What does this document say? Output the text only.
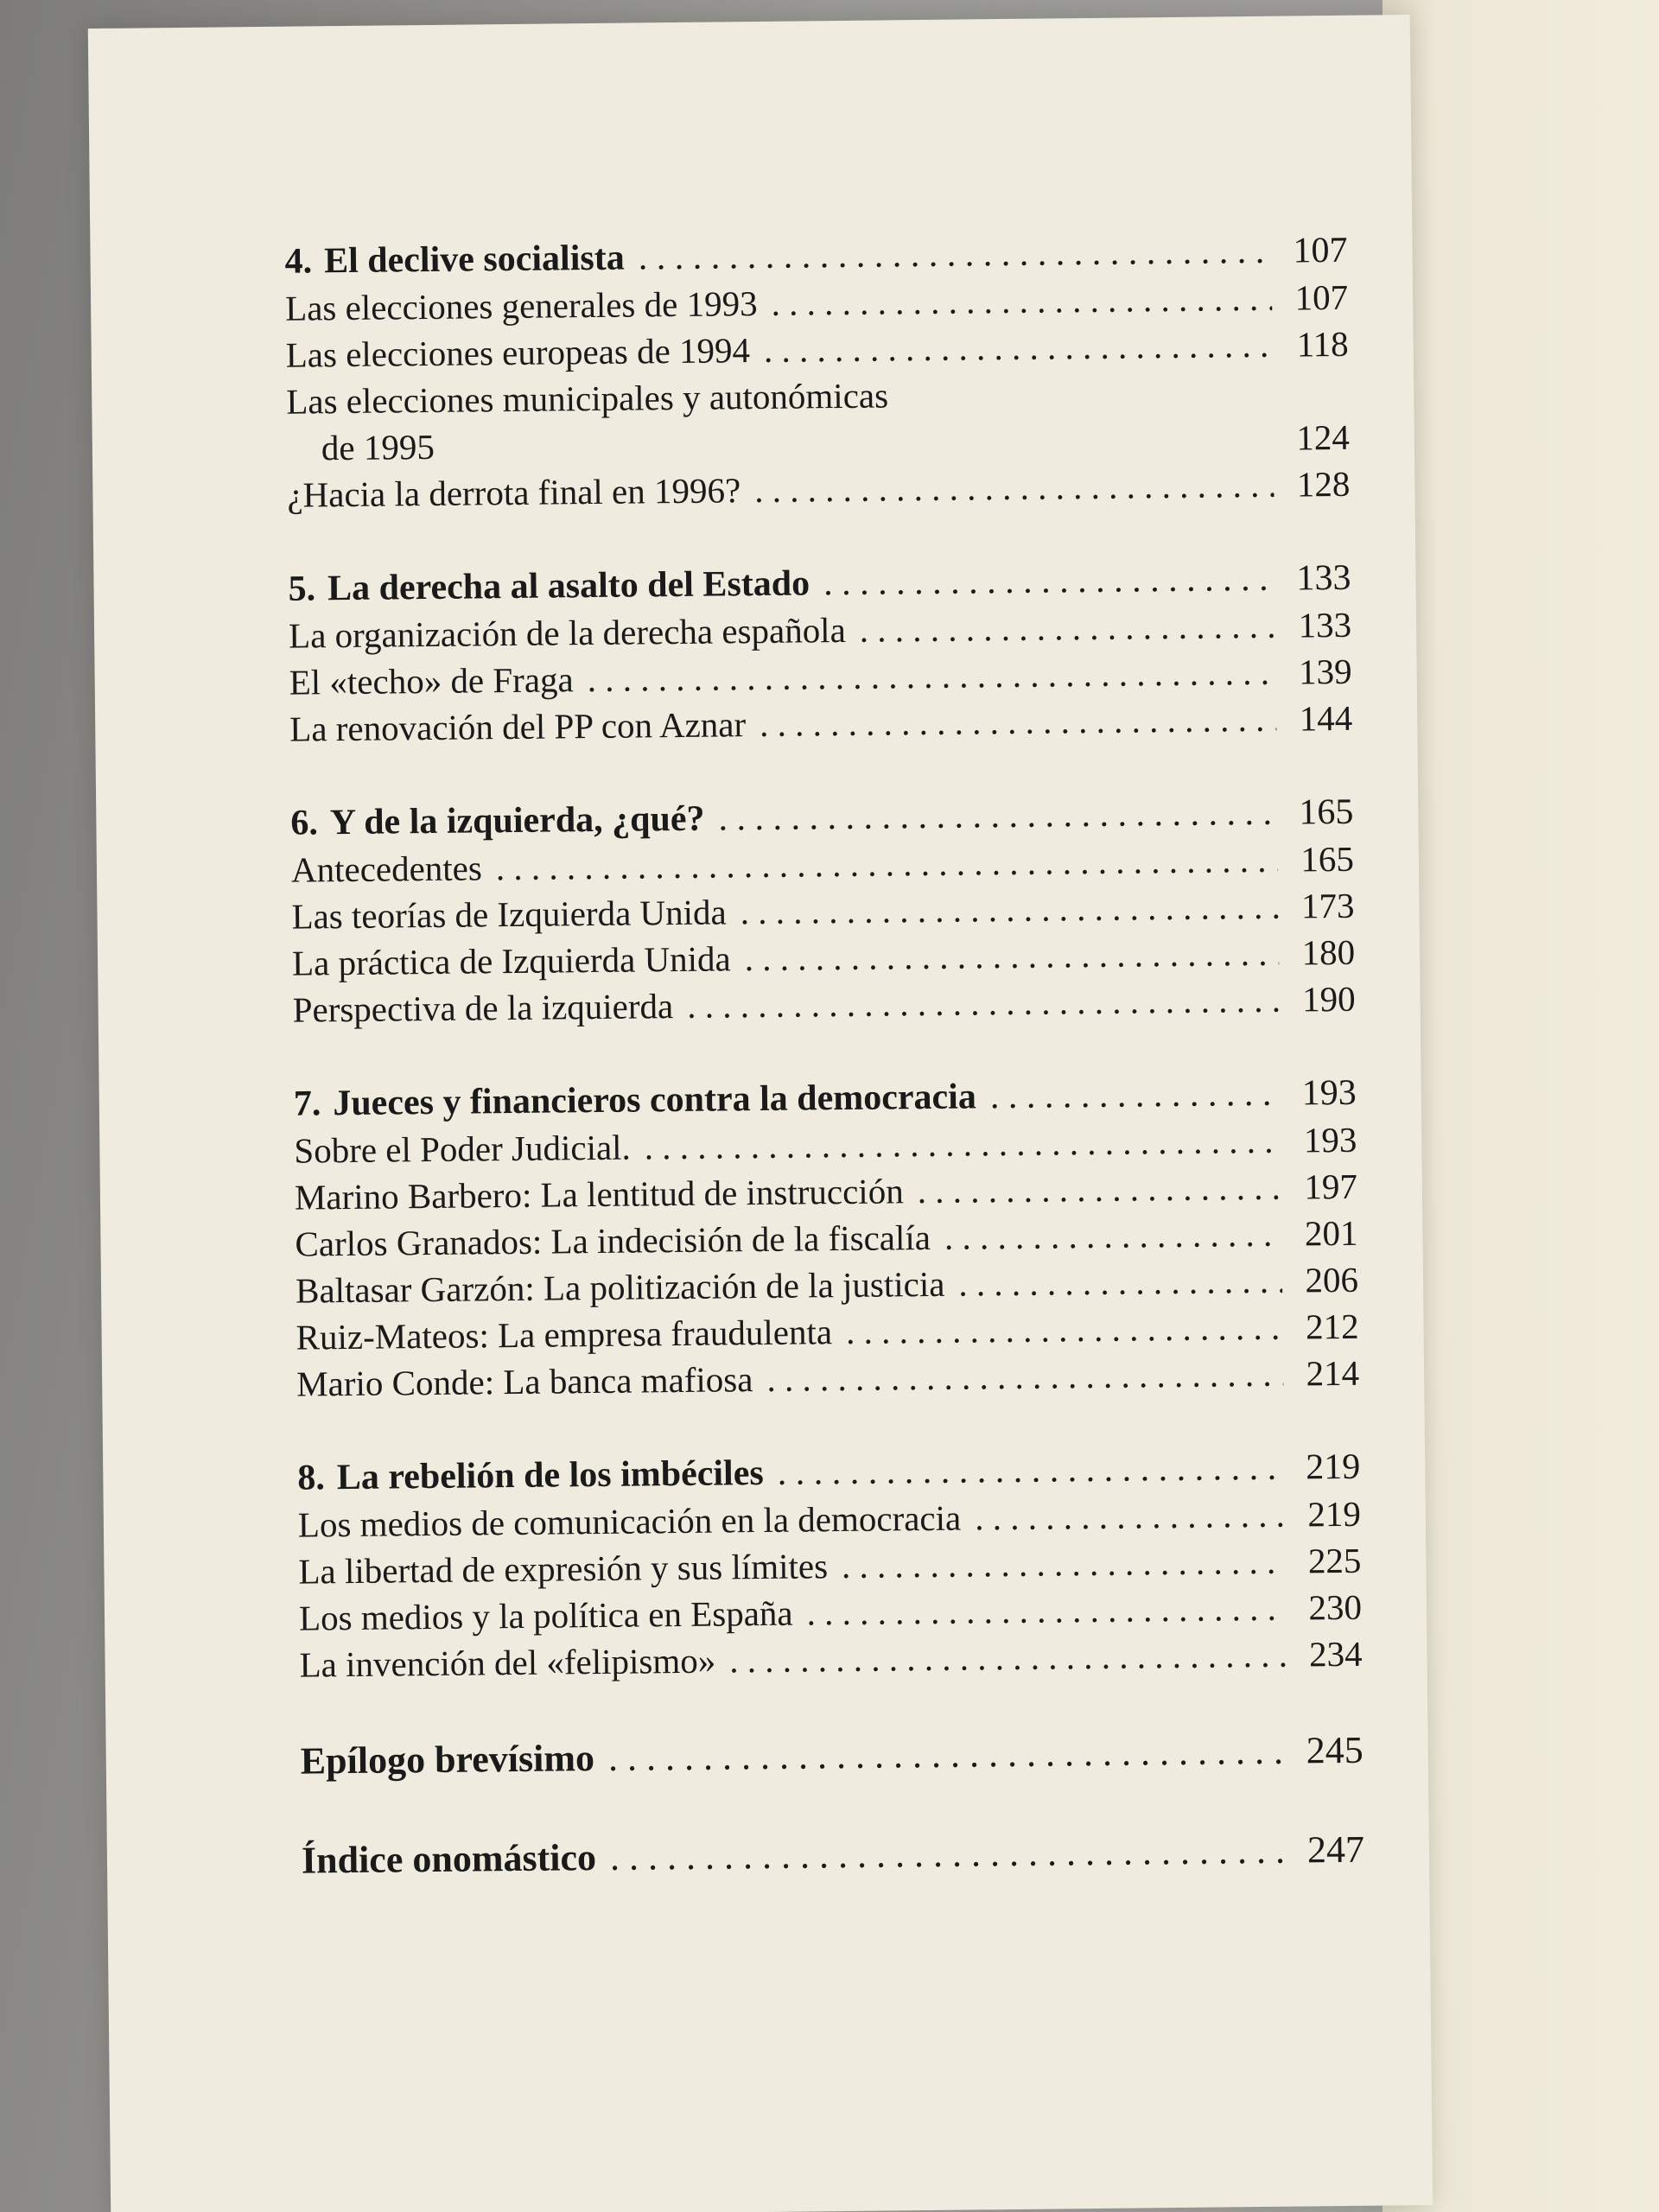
4. El declive socialista . . .	107
Las elecciones generales de 1993 . . .	107
Las elecciones europeas de 1994 . . .	118
Las elecciones municipales y autonómicas
de 1995	124
¿Hacia la derrota final en 1996? . . .	128
5. La derecha al asalto del Estado . . .	133
La organización de la derecha española . . .	133
El «techo» de Fraga . . .	139
La renovación del PP con Aznar . . .	144
6. Y de la izquierda, ¿qué? . . .	165
Antecedentes . . .	165
Las teorías de Izquierda Unida . . .	173
La práctica de Izquierda Unida . . .	180
Perspectiva de la izquierda . . .	190
7. Jueces y financieros contra la democracia . . .	193
Sobre el Poder Judicial. . . .	193
Marino Barbero: La lentitud de instrucción . . .	197
Carlos Granados: La indecisión de la fiscalía . . .	201
Baltasar Garzón: La politización de la justicia . . .	206
Ruiz-Mateos: La empresa fraudulenta . . .	212
Mario Conde: La banca mafiosa . . .	214
8. La rebelión de los imbéciles . . .	219
Los medios de comunicación en la democracia . . .	219
La libertad de expresión y sus límites . . .	225
Los medios y la política en España . . .	230
La invención del «felipismo» . . .	234
Epílogo brevísimo . . .	245
Índice onomástico . . .	247
